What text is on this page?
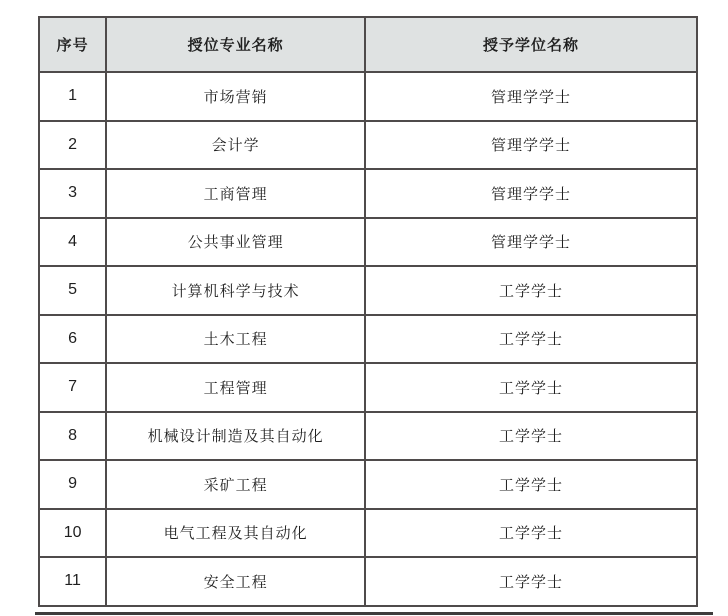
序号	授位专业名称	授予学位名称
1	市场营销	管理学学士
2	会计学	管理学学士
3	工商管理	管理学学士
4	公共事业管理	管理学学士
5	计算机科学与技术	工学学士
6	土木工程	工学学士
7	工程管理	工学学士
8	机械设计制造及其自动化	工学学士
9	采矿工程	工学学士
10	电气工程及其自动化	工学学士
11	安全工程	工学学士
